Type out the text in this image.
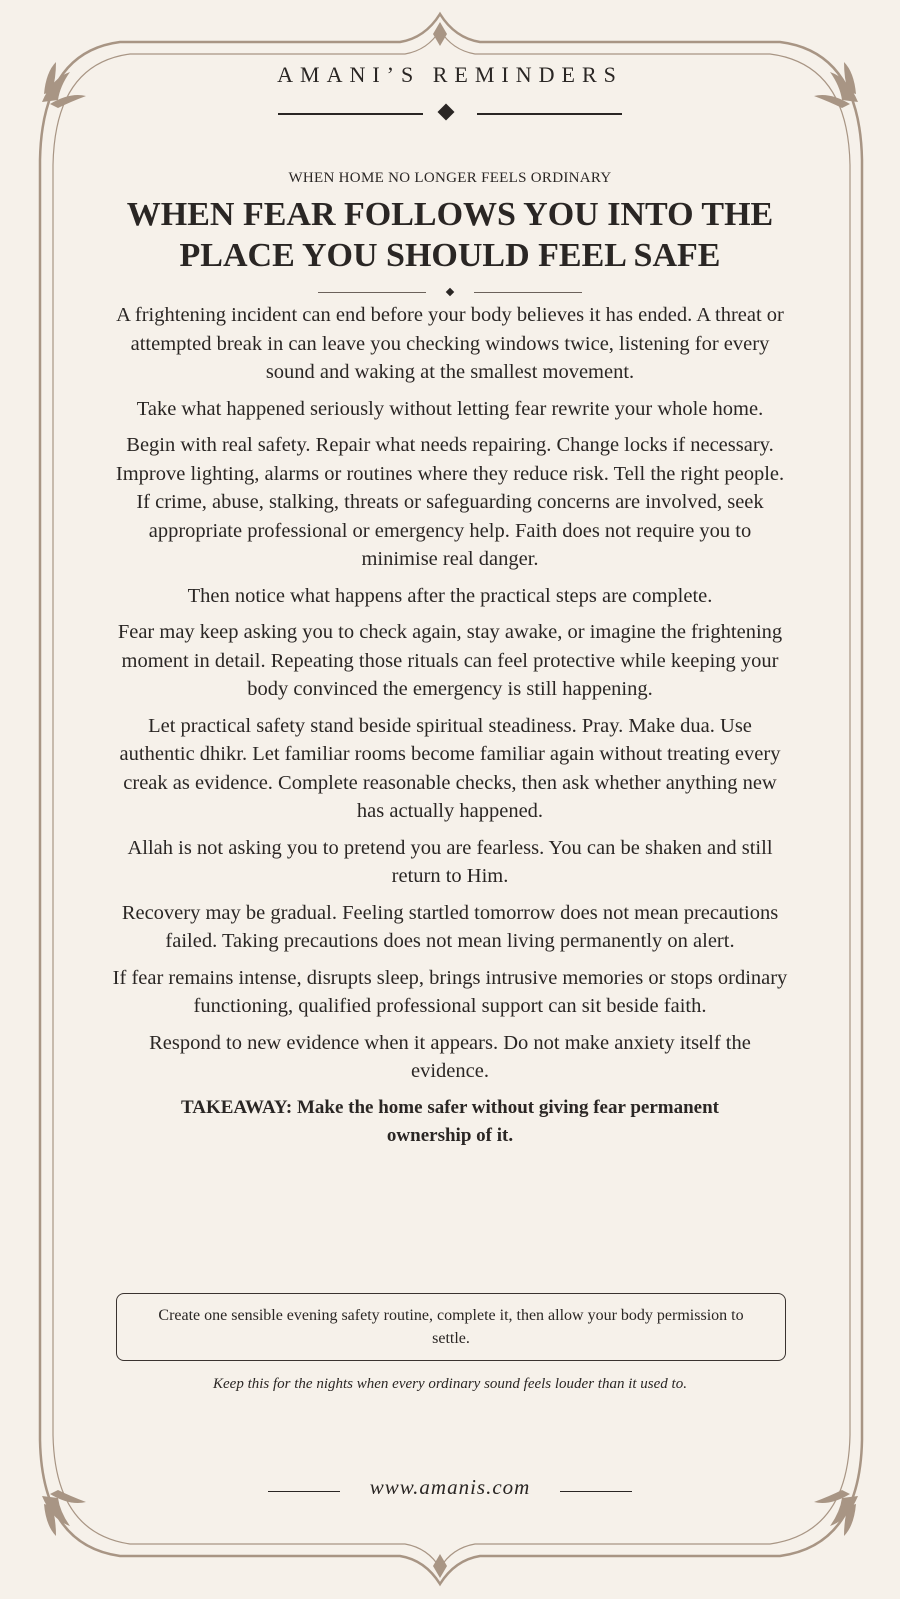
AMANI’S REMINDERS
WHEN HOME NO LONGER FEELS ORDINARY
WHEN FEAR FOLLOWS YOU INTO THE PLACE YOU SHOULD FEEL SAFE

A frightening incident can end before your body believes it has ended. A threat or attempted break in can leave you checking windows twice, listening for every sound and waking at the smallest movement.

Take what happened seriously without letting fear rewrite your whole home.

Begin with real safety. Repair what needs repairing. Change locks if necessary. Improve lighting, alarms or routines where they reduce risk. Tell the right people. If crime, abuse, stalking, threats or safeguarding concerns are involved, seek appropriate professional or emergency help. Faith does not require you to minimise real danger.

Then notice what happens after the practical steps are complete.

Fear may keep asking you to check again, stay awake, or imagine the frightening moment in detail. Repeating those rituals can feel protective while keeping your body convinced the emergency is still happening.

Let practical safety stand beside spiritual steadiness. Pray. Make dua. Use authentic dhikr. Let familiar rooms become familiar again without treating every creak as evidence. Complete reasonable checks, then ask whether anything new has actually happened.

Allah is not asking you to pretend you are fearless. You can be shaken and still return to Him.

Recovery may be gradual. Feeling startled tomorrow does not mean precautions failed. Taking precautions does not mean living permanently on alert.

If fear remains intense, disrupts sleep, brings intrusive memories or stops ordinary functioning, qualified professional support can sit beside faith.

Respond to new evidence when it appears. Do not make anxiety itself the evidence.

TAKEAWAY: Make the home safer without giving fear permanent ownership of it.
Create one sensible evening safety routine, complete it, then allow your body permission to settle.
Keep this for the nights when every ordinary sound feels louder than it used to.
www.amanis.com
